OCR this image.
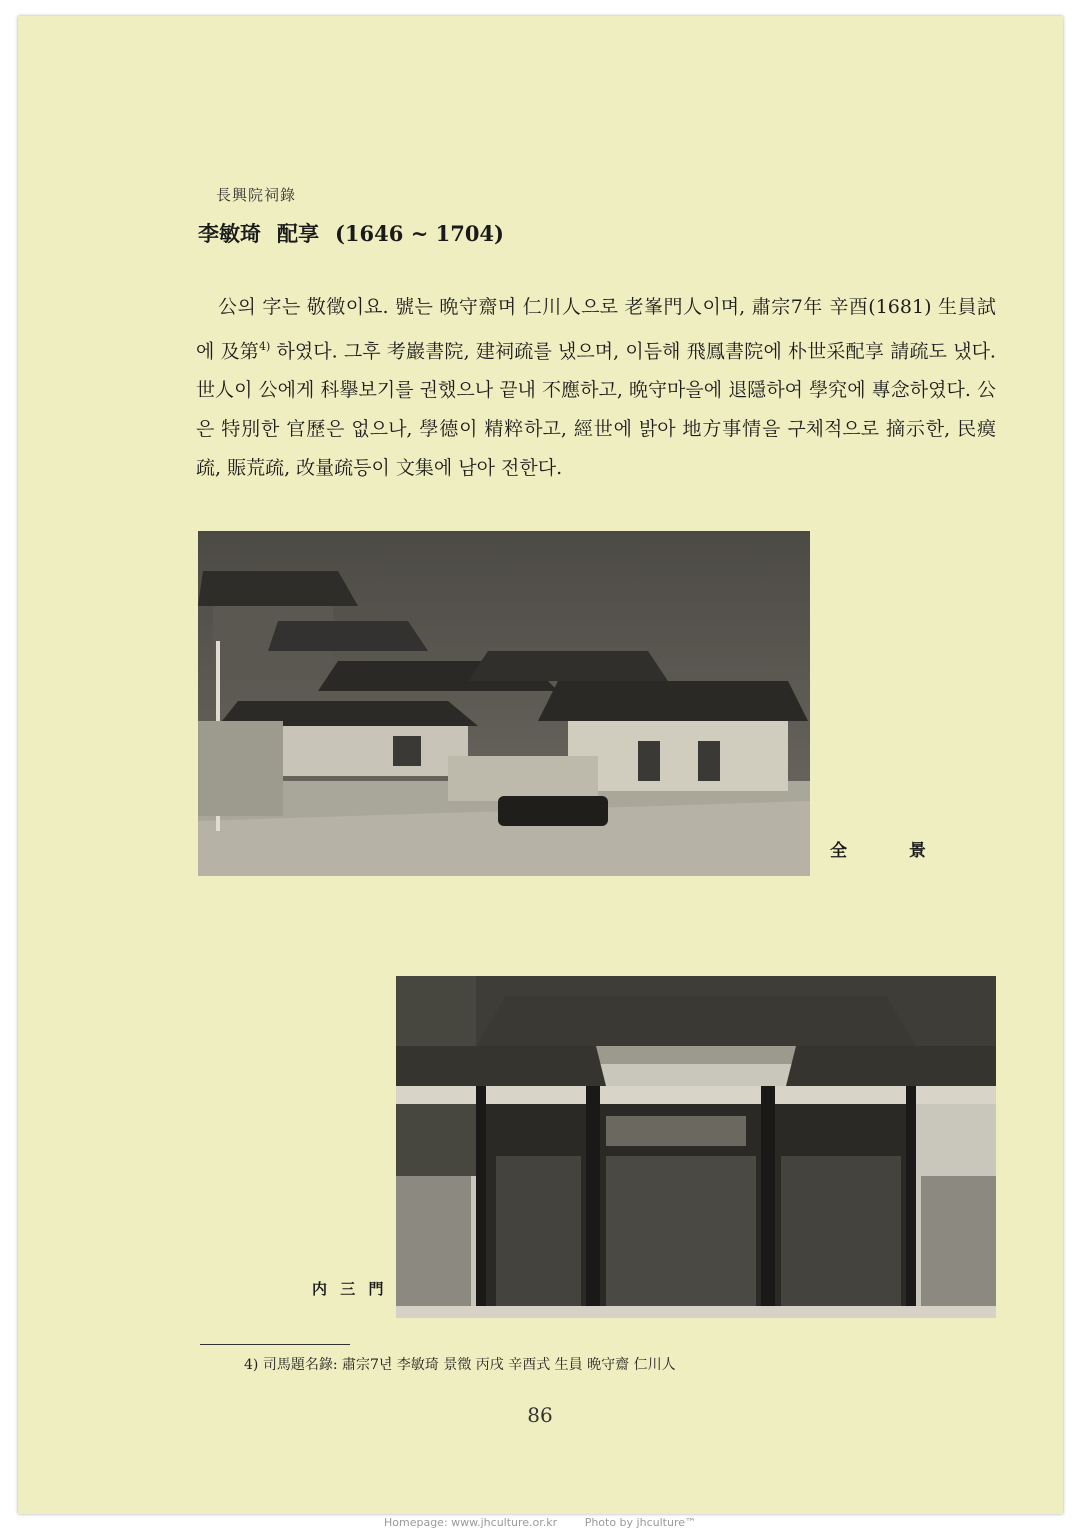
長興院祠錄
李敏琦 配享 (1646 ~ 1704)
公의 字는 敬徵이요. 號는 晩守齋며 仁川人으로 老峯門人이며, 肅宗7年 辛酉(1681) 生員試에 及第$^{4)}$ 하였다. 그후 考巖書院, 建祠疏를 냈으며, 이듬해 飛鳳書院에 朴世采配享 請疏도 냈다. 世人이 公에게 科擧보기를 권했으나 끝내 不應하고, 晩守마을에 退隱하여 學究에 專念하였다. 公은 特別한 官歷은 없으나, 學德이 精粹하고, 經世에 밝아 地方事情을 구체적으로 摘示한, 民瘼疏, 賑荒疏, 改量疏등이 文集에 남아 전한다.
全 景
内 三 門
4) 司馬題名錄: 肅宗7년 李敏琦 景徵 丙戌 辛酉式 生員 晩守齋 仁川人
86
Homepage: www.jhculture.or.kr	Photo by jhculture™
